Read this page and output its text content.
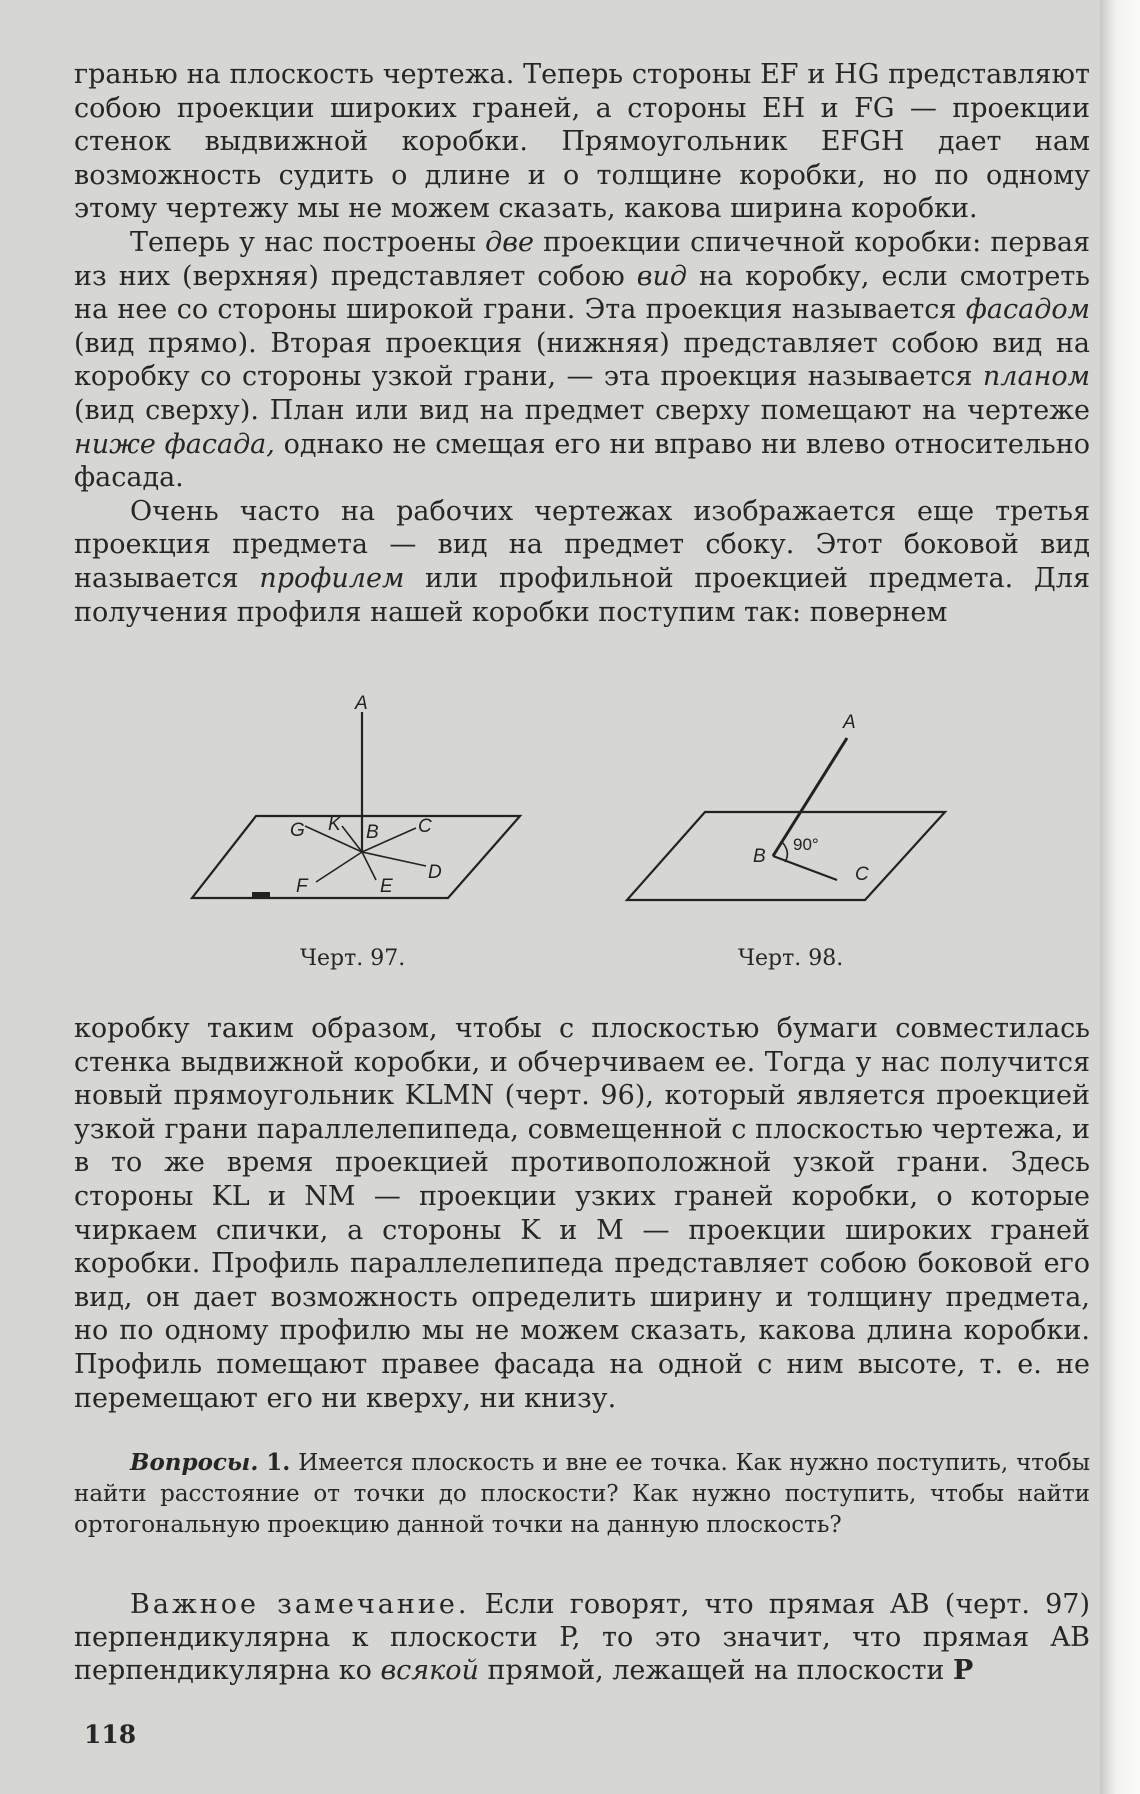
гранью на плоскость чертежа. Теперь стороны EF и HG представляют собою проекции широких граней, а стороны EH и FG — проекции стенок выдвижной коробки. Прямоугольник EFGH дает нам возможность судить о длине и о толщине коробки, но по одному этому чертежу мы не можем сказать, какова ширина коробки.

Теперь у нас построены две проекции спичечной коробки: первая из них (верхняя) представляет собою вид на коробку, если смотреть на нее со стороны широкой грани. Эта проекция называется фасадом (вид прямо). Вторая проекция (нижняя) представляет собою вид на коробку со стороны узкой грани, — эта проекция называется планом (вид сверху). План или вид на предмет сверху помещают на чертеже ниже фасада, однако не смещая его ни вправо ни влево относительно фасада.

Очень часто на рабочих чертежах изображается еще третья проекция предмета — вид на предмет сбоку. Этот боковой вид называется профилем или профильной проекцией предмета. Для получения профиля нашей коробки поступим так: повернем

A
G K B C
D
E
F
A
B
C
90°
Черт. 97.	Черт. 98.

коробку таким образом, чтобы с плоскостью бумаги совместилась стенка выдвижной коробки, и обчерчиваем ее. Тогда у нас получится новый прямоугольник KLMN (черт. 96), который является проекцией узкой грани параллелепипеда, совмещенной с плоскостью чертежа, и в то же время проекцией противоположной узкой грани. Здесь стороны KL и NM — проекции узких граней коробки, о которые чиркаем спички, а стороны K и M — проекции широких граней коробки. Профиль параллелепипеда представляет собою боковой его вид, он дает возможность определить ширину и толщину предмета, но по одному профилю мы не можем сказать, какова длина коробки. Профиль помещают правее фасада на одной с ним высоте, т. е. не перемещают его ни кверху, ни книзу.

Вопросы. 1. Имеется плоскость и вне ее точка. Как нужно поступить, чтобы найти расстояние от точки до плоскости? Как нужно поступить, чтобы найти ортогональную проекцию данной точки на данную плоскость?

Важное замечание. Если говорят, что прямая AB (черт. 97) перпендикулярна к плоскости P, то это значит, что прямая AB перпендикулярна ко всякой прямой, лежащей на плоскости P

118
